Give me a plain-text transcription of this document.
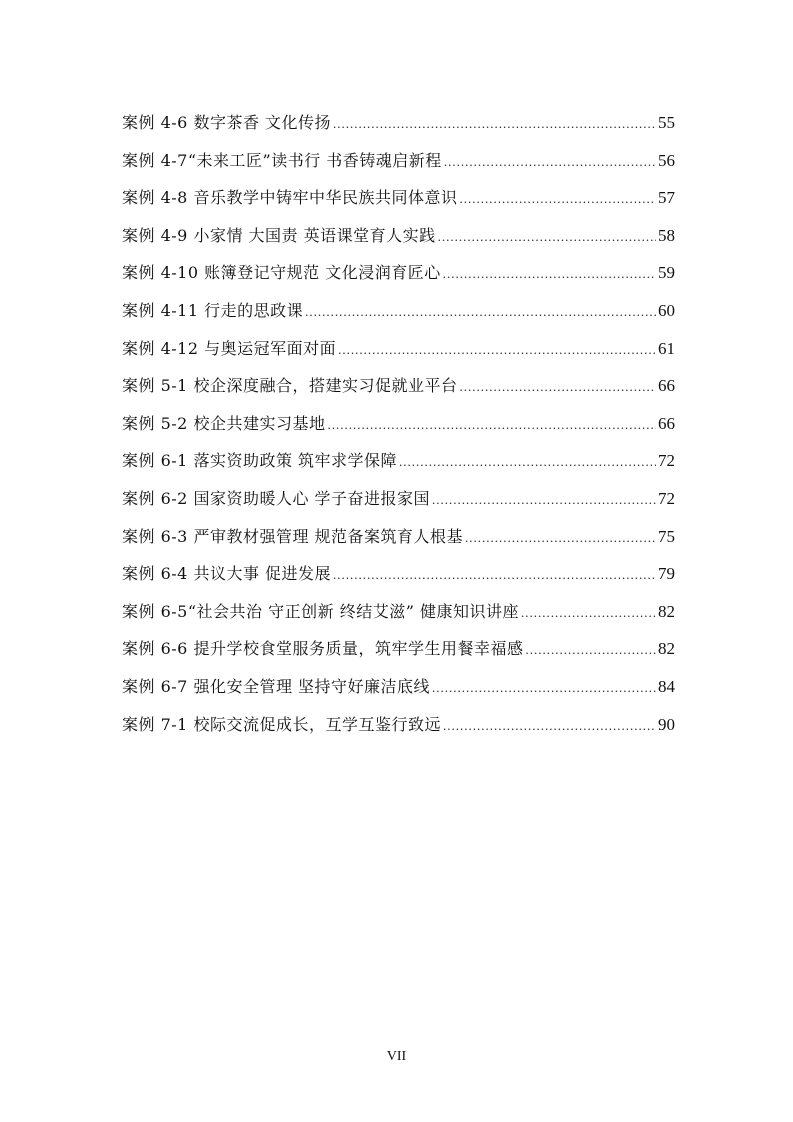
案例 4-6 数字茶香 文化传扬 .....	55
案例 4-7“未来工匠”读书行 书香铸魂启新程 .....	56
案例 4-8 音乐教学中铸牢中华民族共同体意识 .....	57
案例 4-9 小家情 大国责 英语课堂育人实践 .....	58
案例 4-10 账簿登记守规范 文化浸润育匠心 .....	59
案例 4-11 行走的思政课 .....	60
案例 4-12 与奥运冠军面对面 .....	61
案例 5-1 校企深度融合，搭建实习促就业平台 .....	66
案例 5-2 校企共建实习基地 .....	66
案例 6-1 落实资助政策 筑牢求学保障 .....	72
案例 6-2 国家资助暖人心 学子奋进报家国 .....	72
案例 6-3 严审教材强管理 规范备案筑育人根基 .....	75
案例 6-4 共议大事 促进发展 .....	79
案例 6-5“社会共治 守正创新 终结艾滋” 健康知识讲座 .....	82
案例 6-6 提升学校食堂服务质量，筑牢学生用餐幸福感 .....	82
案例 6-7 强化安全管理 坚持守好廉洁底线 .....	84
案例 7-1 校际交流促成长，互学互鉴行致远 .....	90
VII
